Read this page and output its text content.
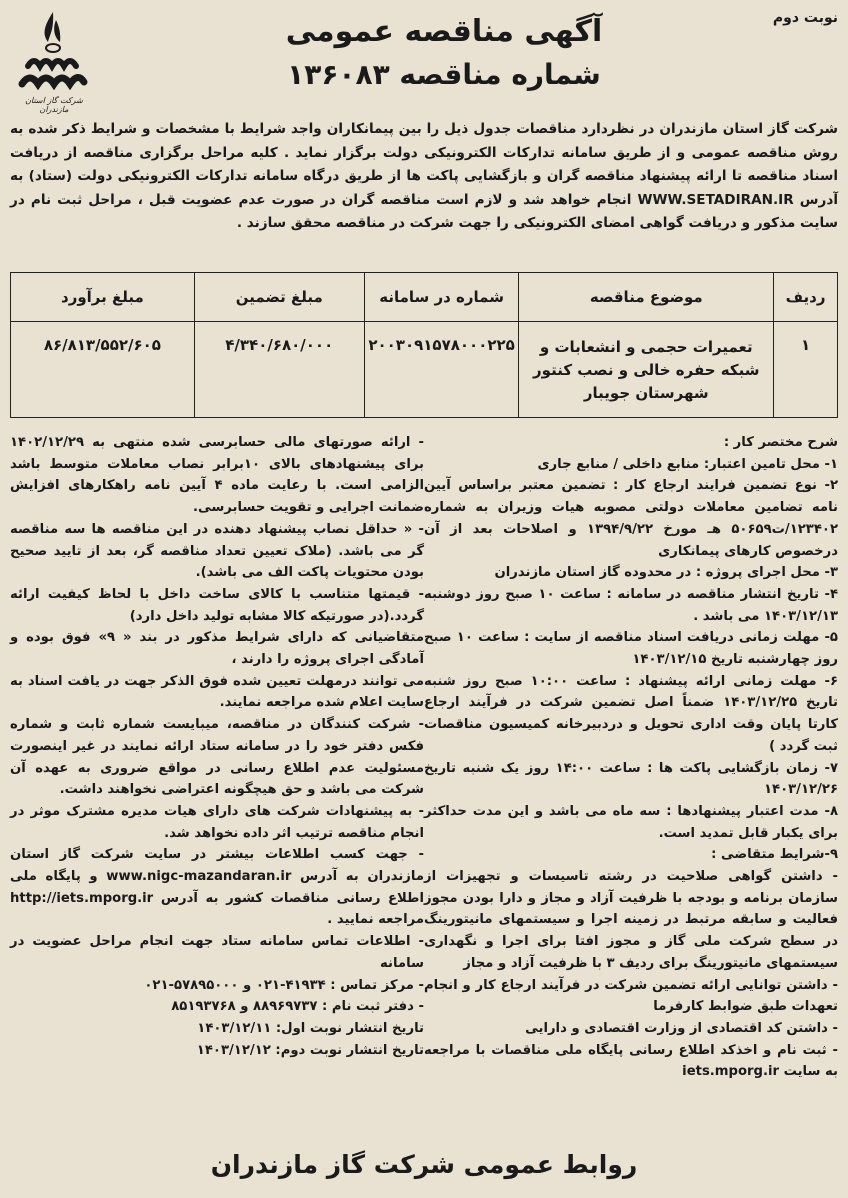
نوبت دوم
آگهی مناقصه عمومی
شماره مناقصه ۱۳۶۰۸۳
شرکت گاز استان مازندران
شرکت گاز استان مازندران در نظردارد مناقصات جدول ذیل را بین پیمانکاران واجد شرایط با مشخصات و شرایط ذکر شده به روش مناقصه عمومی و از طریق سامانه تدارکات الکترونیکی دولت برگزار نماید . کلیه مراحل برگزاری مناقصه از دریافت اسناد مناقصه تا ارائه پیشنهاد مناقصه گران و بازگشایی پاکت ها از طریق درگاه سامانه تدارکات الکترونیکی دولت (ستاد) به آدرس WWW.SETADIRAN.IR انجام خواهد شد و لازم است مناقصه گران در صورت عدم عضویت قبل ، مراحل ثبت نام در سایت مذکور و دریافت گواهی امضای الکترونیکی را جهت شرکت در مناقصه محقق سازند .
ردیف	موضوع مناقصه	شماره در سامانه	مبلغ تضمین	مبلغ برآورد
۱	تعمیرات حجمی و انشعابات و شبکه حفره خالی و نصب کنتور شهرستان جویبار	۲۰۰۳۰۹۱۵۷۸۰۰۰۲۲۵	۴/۳۴۰/۶۸۰/۰۰۰	۸۶/۸۱۳/۵۵۲/۶۰۵

شرح مختصر کار :

۱- محل تامین اعتبار: منابع داخلی / منابع جاری

۲- نوع تضمین فرایند ارجاع کار : تضمین معتبر براساس آیین نامه تضامین معاملات دولتی مصوبه هیات وزیران به شماره ۱۲۳۴۰۲/ت۵۰۶۵۹ هـ مورخ ۱۳۹۴/۹/۲۲ و اصلاحات بعد از آن درخصوص کارهای پیمانکاری

۳- محل اجرای پروژه : در محدوده گاز استان مازندران

۴- تاریخ انتشار مناقصه در سامانه : ساعت ۱۰ صبح روز دوشنبه ۱۴۰۳/۱۲/۱۳ می باشد .

۵- مهلت زمانی دریافت اسناد مناقصه از سایت : ساعت ۱۰ صبح روز چهارشنبه تاریخ ۱۴۰۳/۱۲/۱۵

۶- مهلت زمانی ارائه پیشنهاد : ساعت ۱۰:۰۰ صبح روز شنبه تاریخ ۱۴۰۳/۱۲/۲۵ ضمناً اصل تضمین شرکت در فرآیند ارجاع کارتا پایان وقت اداری تحویل و دردبیرخانه کمیسیون مناقصات ثبت گردد )

۷- زمان بازگشایی پاکت ها : ساعت ۱۴:۰۰ روز یک شنبه تاریخ ۱۴۰۳/۱۲/۲۶

۸- مدت اعتبار پیشنهادها : سه ماه می باشد و این مدت حداکثر برای یکبار قابل تمدید است.

۹-شرایط متقاضی :

- داشتن گواهی صلاحیت در رشته تاسیسات و تجهیزات از سازمان برنامه و بودجه با ظرفیت آزاد و مجاز و دارا بودن مجوز فعالیت و سابقه مرتبط در زمینه اجرا و سیستمهای مانیتورینگ در سطح شرکت ملی گاز و مجوز افتا برای اجرا و نگهداری سیستمهای مانیتورینگ برای ردیف ۳ با ظرفیت آزاد و مجاز

- داشتن توانایی ارائه تضمین شرکت در فرآیند ارجاع کار و انجام تعهدات طبق ضوابط کارفرما

- داشتن کد اقتصادی از وزارت اقتصادی و دارایی

- ثبت نام و اخذکد اطلاع رسانی پایگاه ملی مناقصات با مراجعه به سایت iets.mporg.ir

- ارائه صورتهای مالی حسابرسی شده منتهی به ۱۴۰۲/۱۲/۲۹ برای پیشنهادهای بالای ۱۰برابر نصاب معاملات متوسط باشد الزامی است. با رعایت ماده ۴ آیین نامه راهکارهای افزایش ضمانت اجرایی و تقویت حسابرسی.

- « حداقل نصاب پیشنهاد دهنده در این مناقصه ها سه مناقصه گر می باشد. (ملاک تعیین تعداد مناقصه گر، بعد از تایید صحیح بودن محتویات پاکت الف می باشد).

- قیمتها متناسب با کالای ساخت داخل با لحاظ کیفیت ارائه گردد.(در صورتیکه کالا مشابه تولید داخل دارد)

متقاضیانی که دارای شرایط مذکور در بند « ۹» فوق بوده و آمادگی اجرای پروژه را دارند ،

می توانند درمهلت تعیین شده فوق الذکر جهت در یافت اسناد به سایت اعلام شده مراجعه نمایند.

- شرکت کنندگان در مناقصه، میبایست شماره ثابت و شماره فکس دفتر خود را در سامانه ستاد ارائه نمایند در غیر اینصورت مسئولیت عدم اطلاع رسانی در مواقع ضروری به عهده آن شرکت می باشد و حق هیچگونه اعتراضی نخواهند داشت.

- به پیشنهادات شرکت های دارای هیات مدیره مشترک موثر در انجام مناقصه ترتیب اثر داده نخواهد شد.

- جهت کسب اطلاعات بیشتر در سایت شرکت گاز استان مازندران به آدرس www.nigc-mazandaran.ir و پایگاه ملی اطلاع رسانی مناقصات کشور به آدرس http://iets.mporg.ir مراجعه نمایید .

- اطلاعات تماس سامانه ستاد جهت انجام مراحل عضویت در سامانه

- مرکز تماس : ۴۱۹۳۴-۰۲۱ و ۵۷۸۹۵۰۰۰-۰۲۱

- دفتر ثبت نام : ۸۸۹۶۹۷۳۷ و ۸۵۱۹۳۷۶۸

تاریخ انتشار نوبت اول: ۱۴۰۳/۱۲/۱۱

تاریخ انتشار نوبت دوم: ۱۴۰۳/۱۲/۱۲

روابط عمومی شرکت گاز مازندران
